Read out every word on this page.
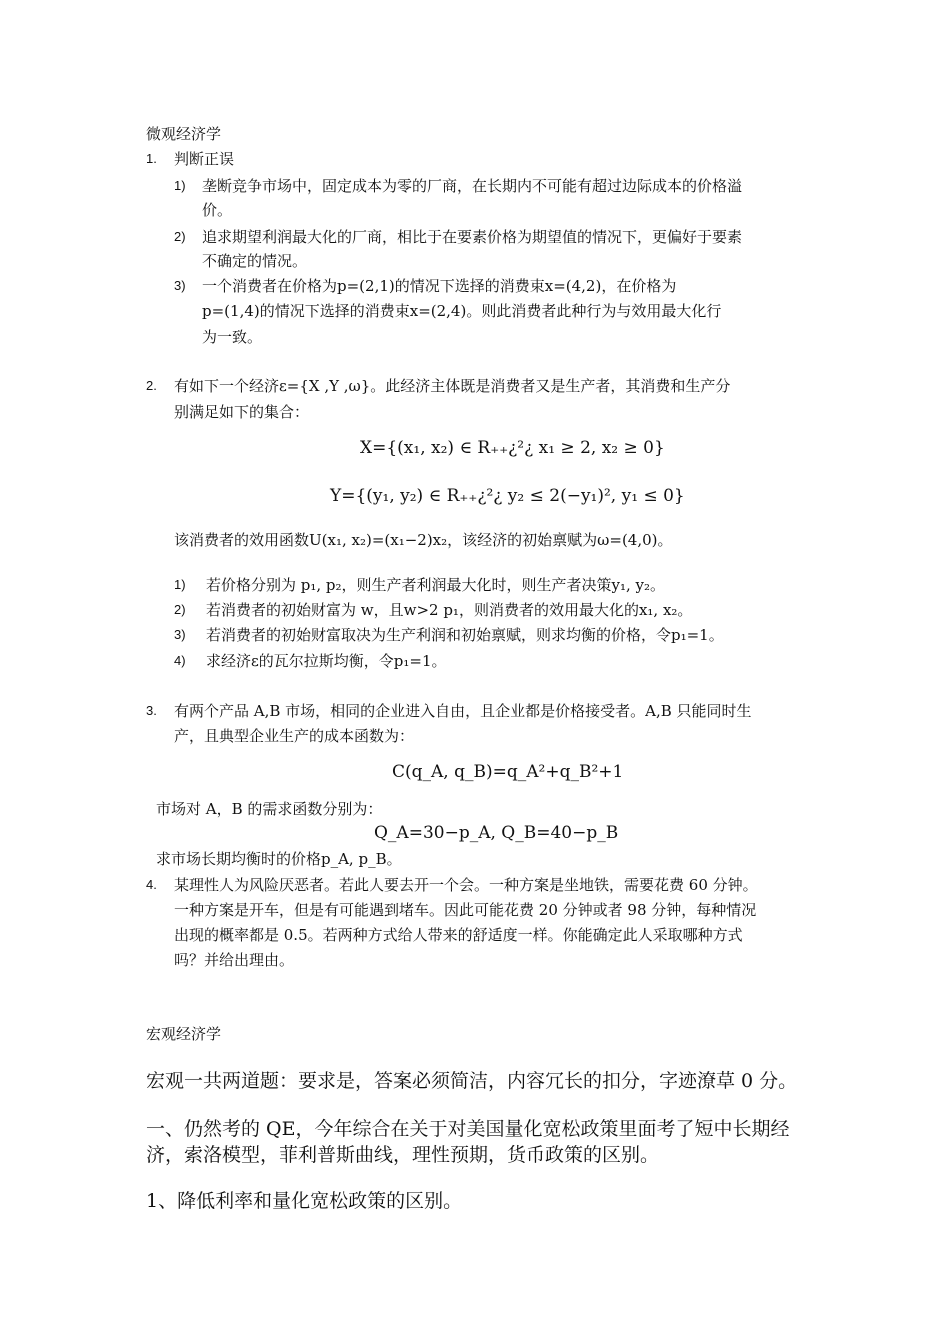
微观经济学
1. 判断正误
1) 垄断竞争市场中，固定成本为零的厂商，在长期内不可能有超过边际成本的价格溢
价。
2) 追求期望利润最大化的厂商，相比于在要素价格为期望值的情况下，更偏好于要素
不确定的情况。
3) 一个消费者在价格为p=(2,1)的情况下选择的消费束x=(4,2)，在价格为
p=(1,4)的情况下选择的消费束x=(2,4)。则此消费者此种行为与效用最大化行
为一致。
2. 有如下一个经济ε={X ,Y ,ω}。此经济主体既是消费者又是生产者，其消费和生产分
别满足如下的集合：
X={(x₁, x₂) ∈ R₊₊¿²¿ x₁ ≥ 2, x₂ ≥ 0}
Y={(y₁, y₂) ∈ R₊₊¿²¿ y₂ ≤ 2(−y₁)², y₁ ≤ 0}
该消费者的效用函数U(x₁, x₂)=(x₁−2)x₂，该经济的初始禀赋为ω=(4,0)。
1) 若价格分别为 p₁, p₂，则生产者利润最大化时，则生产者决策y₁, y₂。
2) 若消费者的初始财富为 w，且w>2 p₁，则消费者的效用最大化的x₁, x₂。
3) 若消费者的初始财富取决为生产利润和初始禀赋，则求均衡的价格，令p₁=1。
4) 求经济ε的瓦尔拉斯均衡，令p₁=1。
3. 有两个产品 A,B 市场，相同的企业进入自由，且企业都是价格接受者。A,B 只能同时生
产，且典型企业生产的成本函数为：
C(q_A, q_B)=q_A²+q_B²+1
市场对 A，B 的需求函数分别为：
Q_A=30−p_A, Q_B=40−p_B
求市场长期均衡时的价格p_A, p_B。
4. 某理性人为风险厌恶者。若此人要去开一个会。一种方案是坐地铁，需要花费 60 分钟。
一种方案是开车，但是有可能遇到堵车。因此可能花费 20 分钟或者 98 分钟，每种情况
出现的概率都是 0.5。若两种方式给人带来的舒适度一样。你能确定此人采取哪种方式
吗？并给出理由。
宏观经济学
宏观一共两道题：要求是，答案必须简洁，内容冗长的扣分，字迹潦草 0 分。
一、仍然考的 QE，今年综合在关于对美国量化宽松政策里面考了短中长期经
济，索洛模型，菲利普斯曲线，理性预期，货币政策的区别。
1、降低利率和量化宽松政策的区别。
